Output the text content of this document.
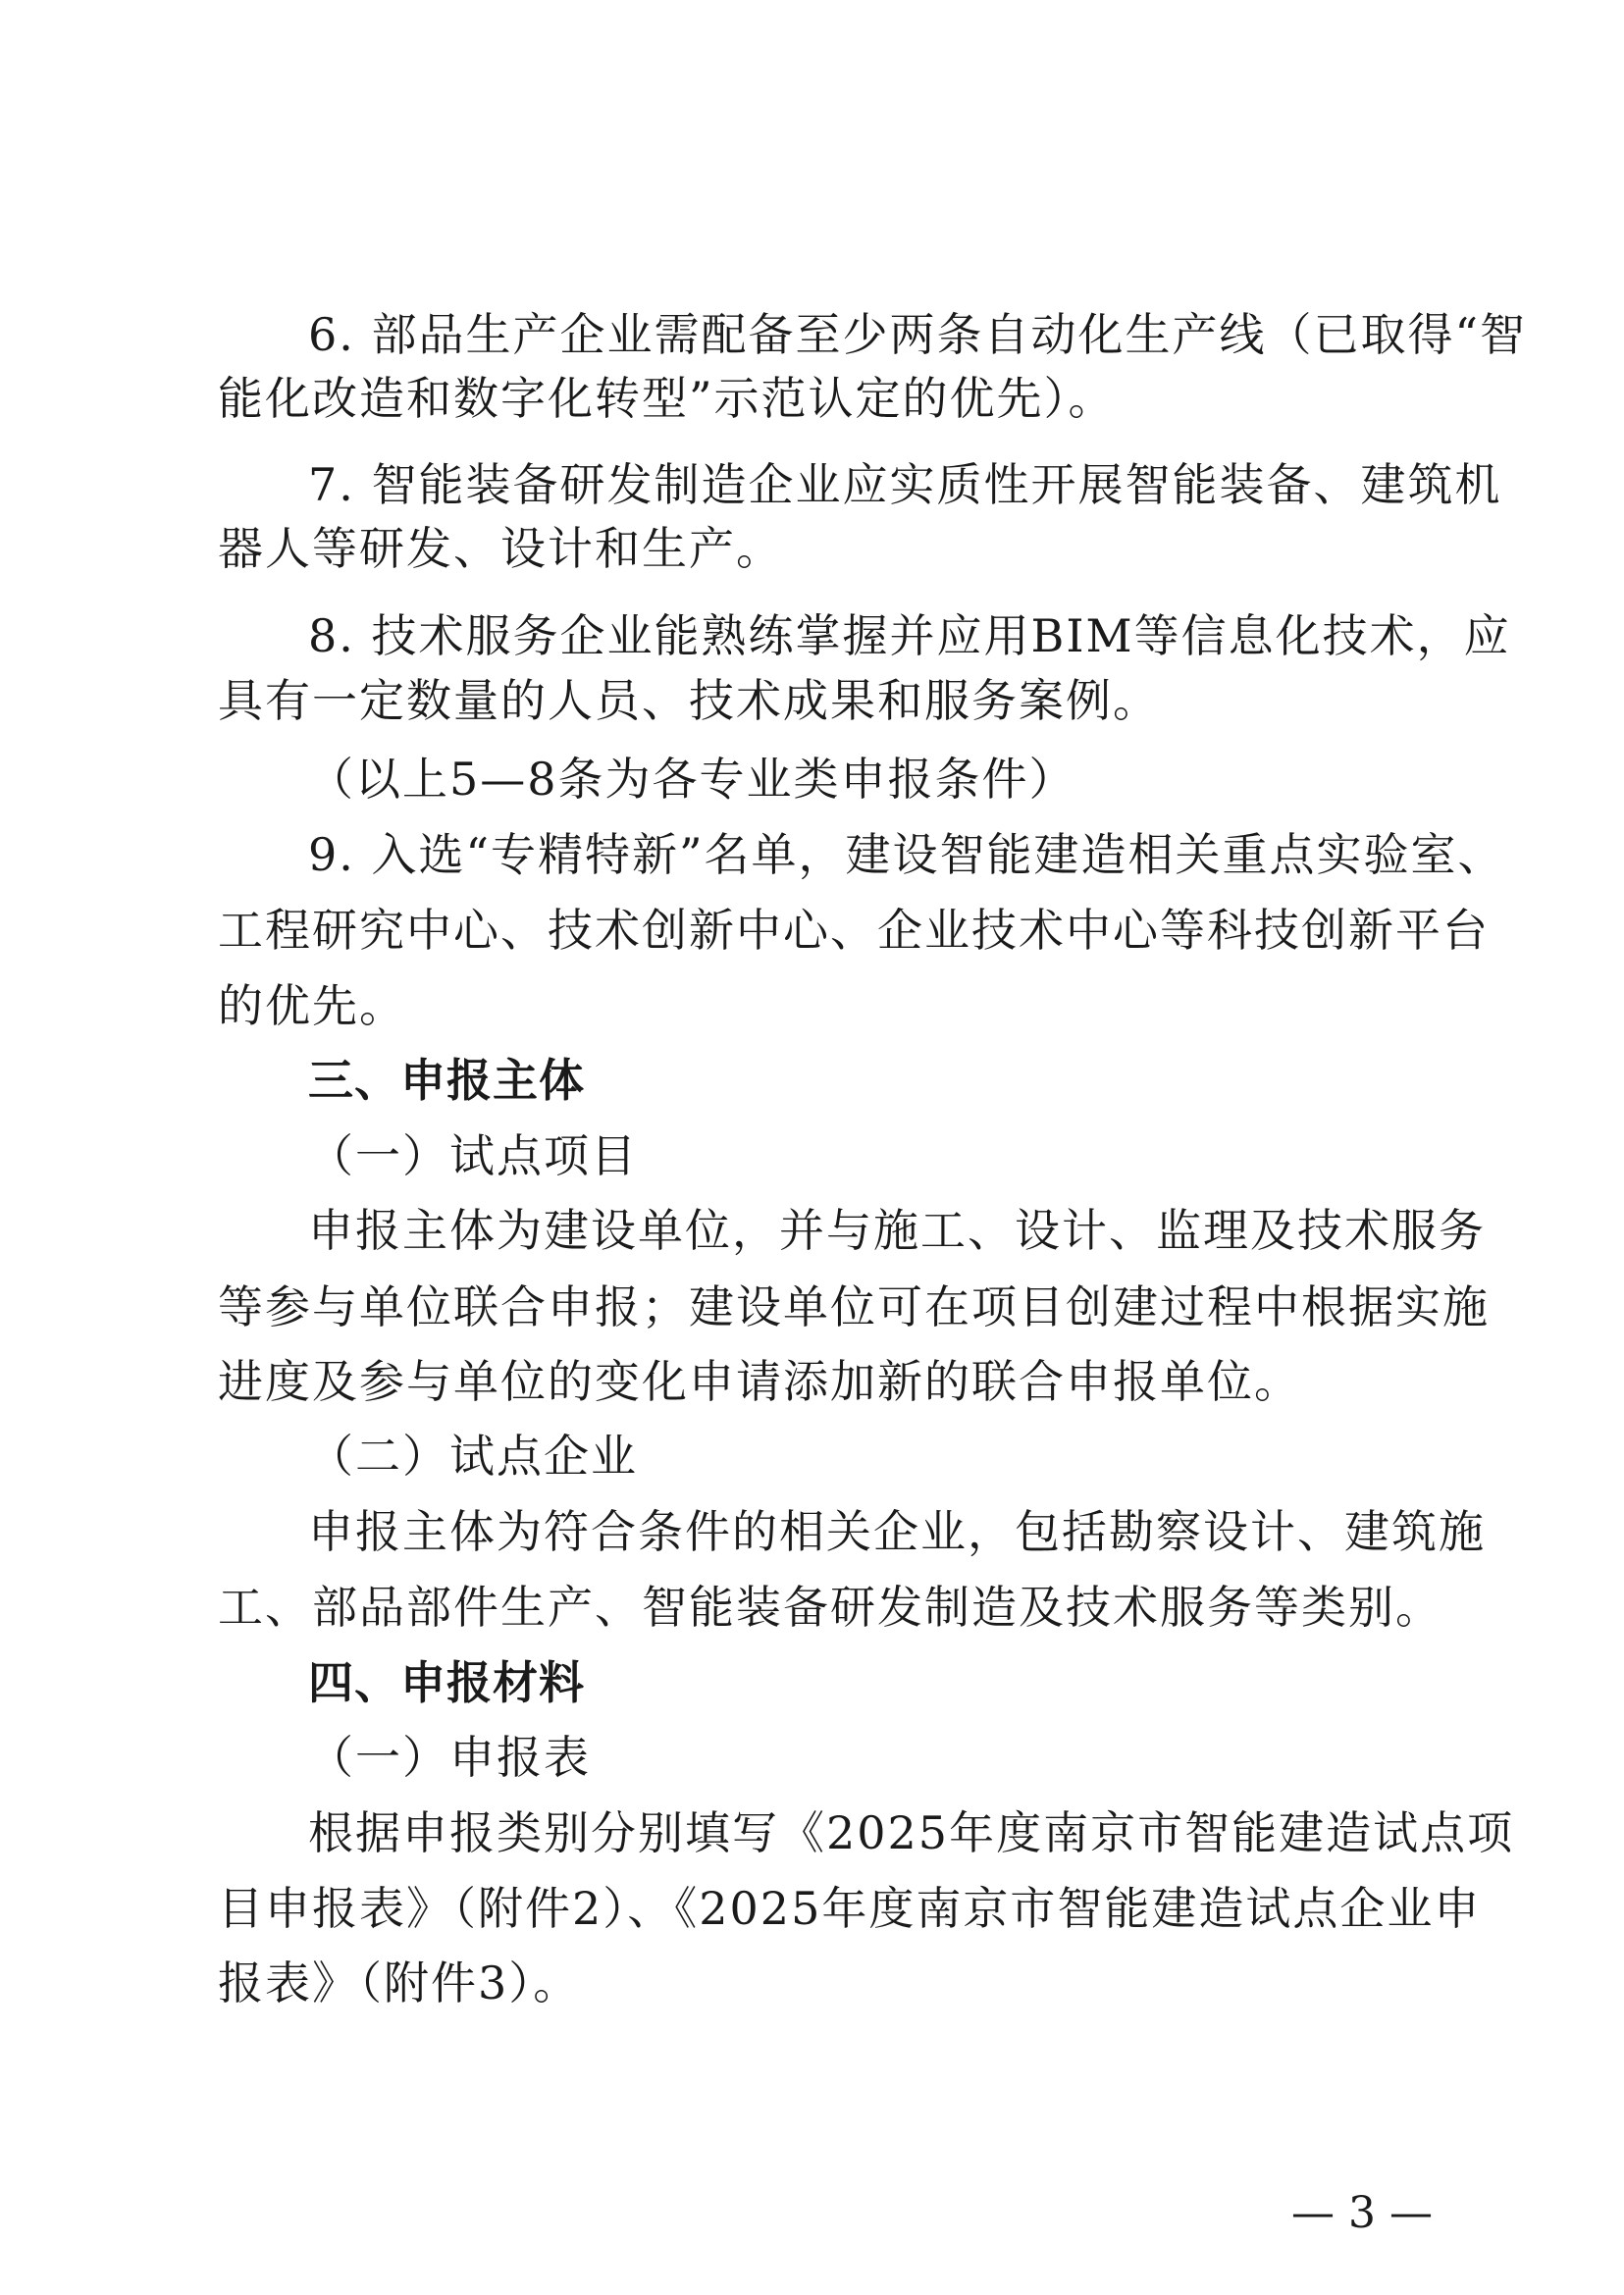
6. 部品生产企业需配备至少两条自动化生产线（已取得“智
能化改造和数字化转型”示范认定的优先）。
7. 智能装备研发制造企业应实质性开展智能装备、建筑机
器人等研发、设计和生产。
8. 技术服务企业能熟练掌握并应用BIM等信息化技术，应
具有一定数量的人员、技术成果和服务案例。
（以上5—8条为各专业类申报条件）
9. 入选“专精特新”名单，建设智能建造相关重点实验室、
工程研究中心、技术创新中心、企业技术中心等科技创新平台
的优先。
三、申报主体
（一）试点项目
申报主体为建设单位，并与施工、设计、监理及技术服务
等参与单位联合申报；建设单位可在项目创建过程中根据实施
进度及参与单位的变化申请添加新的联合申报单位。
（二）试点企业
申报主体为符合条件的相关企业，包括勘察设计、建筑施
工、部品部件生产、智能装备研发制造及技术服务等类别。
四、申报材料
（一）申报表
根据申报类别分别填写《2025年度南京市智能建造试点项
目申报表》（附件2）、《2025年度南京市智能建造试点企业申
报表》（附件3）。
— 3 —
